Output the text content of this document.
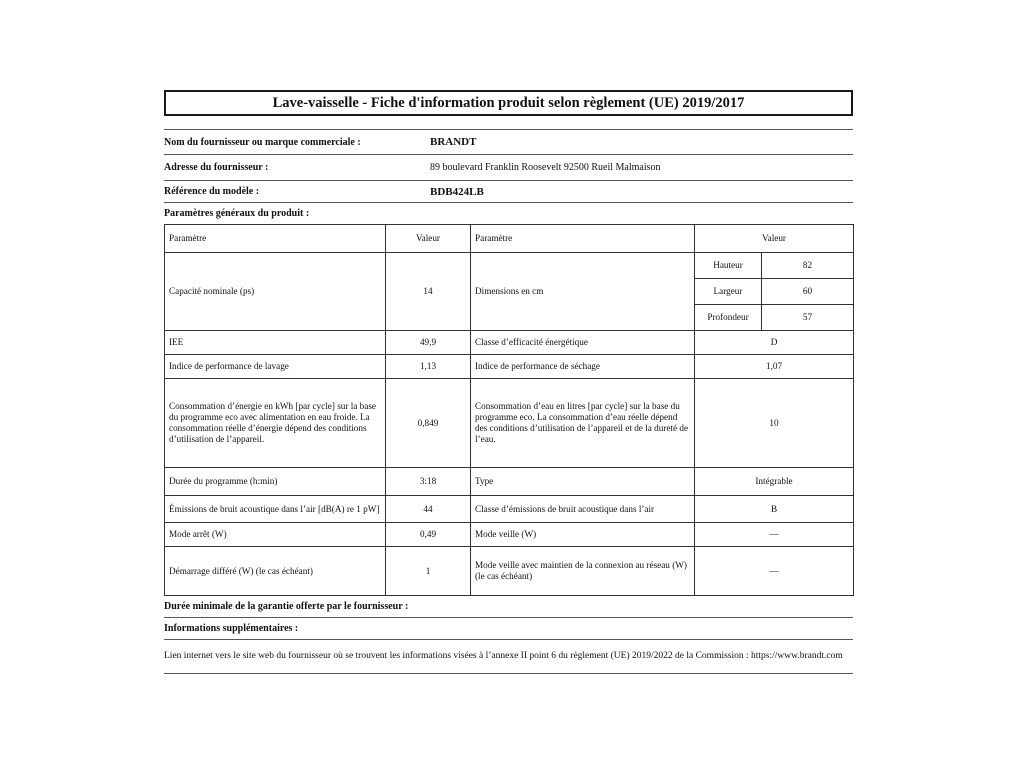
Lave-vaisselle - Fiche d'information produit selon règlement (UE) 2019/2017
Nom du fournisseur ou marque commerciale :	BRANDT
Adresse du fournisseur :	89 boulevard Franklin Roosevelt 92500 Rueil Malmaison
Référence du modèle :	BDB424LB
Paramètres généraux du produit :
Paramètre	Valeur	Paramètre	Valeur	
Capacité nominale (ps)	14	Dimensions en cm	Hauteur	82
			Largeur	60
			Profondeur	57
IEE	49,9	Classe d’efficacité énergétique	D	
Indice de performance de lavage	1,13	Indice de performance de séchage	1,07	
Consommation d’énergie en kWh [par cycle] sur la base du programme eco avec alimentation en eau froide. La consommation réelle d’énergie dépend des conditions d’utilisation de l’appareil.	0,849	Consommation d’eau en litres [par cycle] sur la base du programme eco. La consommation d’eau réelle dépend des conditions d’utilisation de l’appareil et de la dureté de l’eau.	10	
Durée du programme (h:min)	3:18	Type	Intégrable	
Émissions de bruit acoustique dans l’air [dB(A) re 1 pW]	44	Classe d’émissions de bruit acoustique dans l’air	B	
Mode arrêt (W)	0,49	Mode veille (W)	—	
Démarrage différé (W) (le cas échéant)	1	Mode veille avec maintien de la connexion au réseau (W) (le cas échéant)	—	
Durée minimale de la garantie offerte par le fournisseur :
Informations supplémentaires :
Lien internet vers le site web du fournisseur où se trouvent les informations visées à l’annexe II point 6 du règlement (UE) 2019/2022 de la Commission : https://www.brandt.com
